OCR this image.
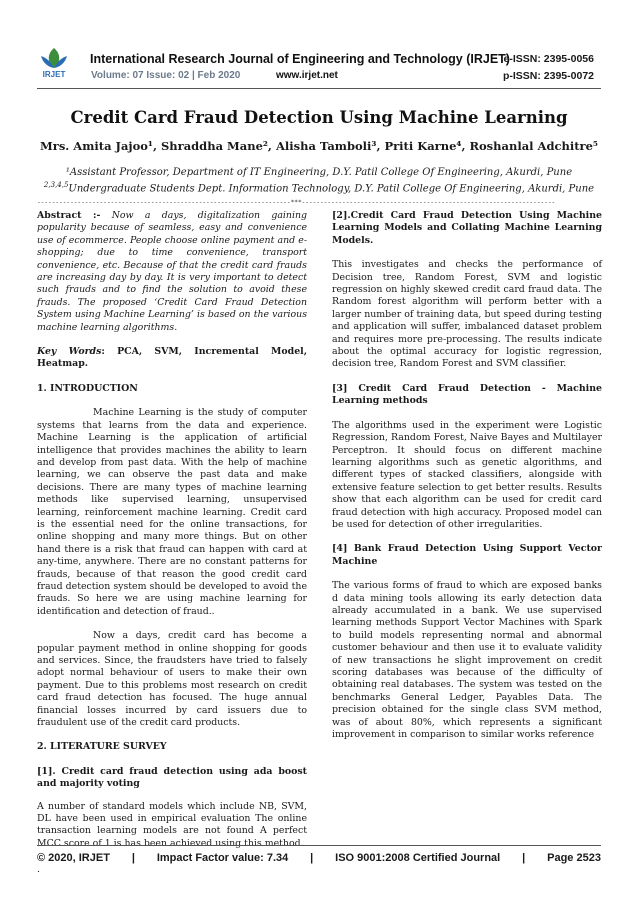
IRJET
International Research Journal of Engineering and Technology (IRJET)
e-ISSN: 2395-0056
Volume: 07 Issue: 02 | Feb 2020	www.irjet.net	p-ISSN: 2395-0072
Credit Card Fraud Detection Using Machine Learning
Mrs. Amita Jajoo¹, Shraddha Mane², Alisha Tamboli³, Priti Karne⁴, Roshanlal Adchitre⁵
¹Assistant Professor, Department of IT Engineering, D.Y. Patil College Of Engineering, Akurdi, Pune
$^{2,3,4,5}$Undergraduate Students Dept. Information Technology, D.Y. Patil College Of Engineering, Akurdi, Pune
---------------------------------------------------------------------***---------------------------------------------------------------------

Abstract :- Now a days, digitalization gaining popularity because of seamless, easy and convenience use of ecommerce. People choose online payment and e-shopping; due to time convenience, transport convenience, etc. Because of that the credit card frauds are increasing day by day. It is very important to detect such frauds and to find the solution to avoid these frauds. The proposed ‘Credit Card Fraud Detection System using Machine Learning’ is based on the various machine learning algorithms.

Key Words: PCA, SVM, Incremental Model, Heatmap.

1. INTRODUCTION

Machine Learning is the study of computer systems that learns from the data and experience. Machine Learning is the application of artificial intelligence that provides machines the ability to learn and develop from past data. With the help of machine learning, we can observe the past data and make decisions. There are many types of machine learning methods like supervised learning, unsupervised learning, reinforcement machine learning. Credit card is the essential need for the online transactions, for online shopping and many more things. But on other hand there is a risk that fraud can happen with card at any-time, anywhere. There are no constant patterns for frauds, because of that reason the good credit card fraud detection system should be developed to avoid the frauds. So here we are using machine learning for identification and detection of fraud..

Now a days, credit card has become a popular payment method in online shopping for goods and services. Since, the fraudsters have tried to falsely adopt normal behaviour of users to make their own payment. Due to this problems most research on credit card fraud detection has focused. The huge annual financial losses incurred by card issuers due to fraudulent use of the credit card products.

2. LITERATURE SURVEY

[1]. Credit card fraud detection using ada boost and majority voting

A number of standard models which include NB, SVM, DL have been used in empirical evaluation The online transaction learning models are not found A perfect MCC score of 1 is has been achieved using this method.

.

[2].Credit Card Fraud Detection Using Machine Learning Models and Collating Machine Learning Models.

This investigates and checks the performance of Decision tree, Random Forest, SVM and logistic regression on highly skewed credit card fraud data. The Random forest algorithm will perform better with a larger number of training data, but speed during testing and application will suffer, imbalanced dataset problem and requires more pre-processing. The results indicate about the optimal accuracy for logistic regression, decision tree, Random Forest and SVM classifier.

[3] Credit Card Fraud Detection - Machine Learning methods

The algorithms used in the experiment were Logistic Regression, Random Forest, Naive Bayes and Multilayer Perceptron. It should focus on different machine learning algorithms such as genetic algorithms, and different types of stacked classifiers, alongside with extensive feature selection to get better results. Results show that each algorithm can be used for credit card fraud detection with high accuracy. Proposed model can be used for detection of other irregularities.

[4] Bank Fraud Detection Using Support Vector Machine

The various forms of fraud to which are exposed banks d data mining tools allowing its early detection data already accumulated in a bank. We use supervised learning methods Support Vector Machines with Spark to build models representing normal and abnormal customer behaviour and then use it to evaluate validity of new transactions he slight improvement on credit scoring databases was because of the difficulty of obtaining real databases. The system was tested on the benchmarks General Ledger, Payables Data. The precision obtained for the single class SVM method, was of about 80%, which represents a significant improvement in comparison to similar works reference

© 2020, IRJET | Impact Factor value: 7.34 | ISO 9001:2008 Certified Journal | Page 2523
